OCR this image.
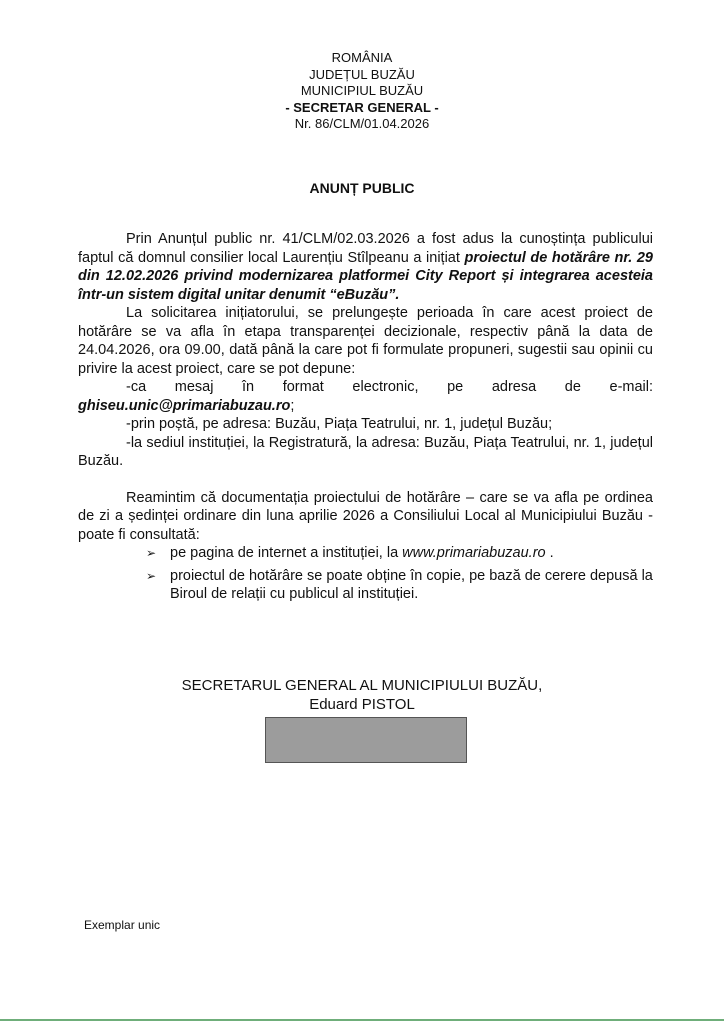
ROMÂNIA
JUDEȚUL BUZĂU
MUNICIPIUL BUZĂU
- SECRETAR GENERAL -
Nr. 86/CLM/01.04.2026
ANUNȚ PUBLIC

Prin Anunțul public nr. 41/CLM/02.03.2026 a fost adus la cunoștința publicului faptul că domnul consilier local Laurențiu Stîlpeanu a inițiat proiectul de hotărâre nr. 29 din 12.02.2026 privind modernizarea platformei City Report și integrarea acesteia într-un sistem digital unitar denumit “eBuzău”.

La solicitarea inițiatorului, se prelungește perioada în care acest proiect de hotărâre se va afla în etapa transparenței decizionale, respectiv până la data de 24.04.2026, ora 09.00, dată până la care pot fi formulate propuneri, sugestii sau opinii cu privire la acest proiect, care se pot depune:

-ca mesaj în format electronic, pe adresa de e-mail:

ghiseu.unic@primariabuzau.ro;

-prin poștă, pe adresa: Buzău, Piața Teatrului, nr. 1, județul Buzău;

-la sediul instituției, la Registratură, la adresa: Buzău, Piața Teatrului, nr. 1, județul Buzău.

Reamintim că documentația proiectului de hotărâre – care se va afla pe ordinea de zi a ședinței ordinare din luna aprilie 2026 a Consiliului Local al Municipiului Buzău - poate fi consultată:

➢ pe pagina de internet a instituției, la www.primariabuzau.ro .
➢ proiectul de hotărâre se poate obține în copie, pe bază de cerere depusă la Biroul de relații cu publicul al instituției.
SECRETARUL GENERAL AL MUNICIPIULUI BUZĂU,
Eduard PISTOL
Exemplar unic
